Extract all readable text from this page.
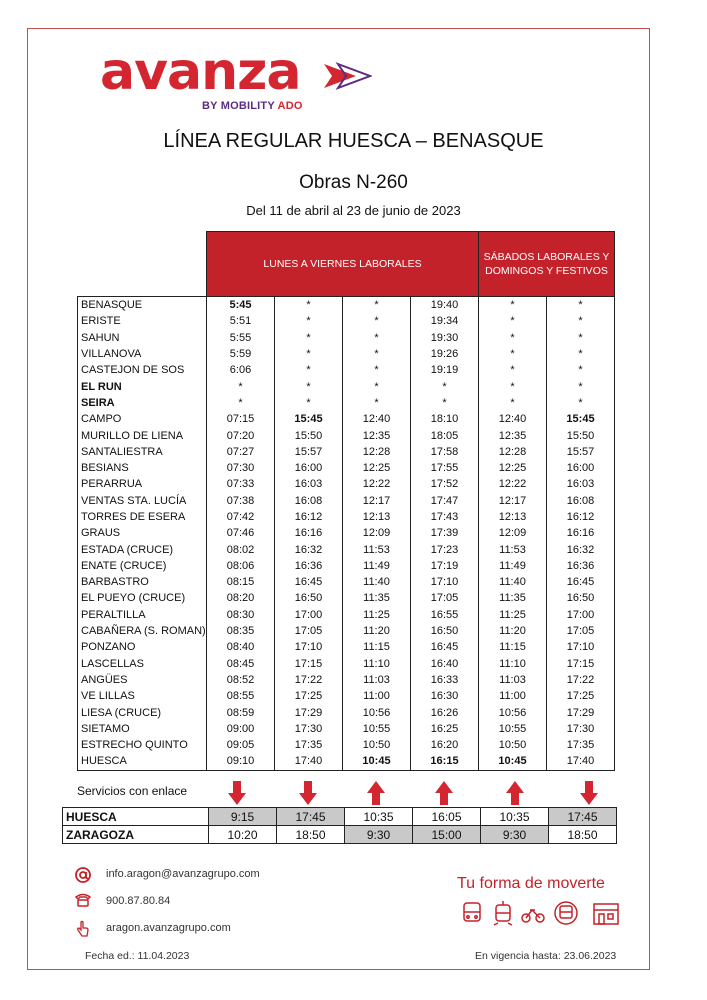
avanza
BY MOBILITY ADO
LÍNEA REGULAR HUESCA – BENASQUE
Obras N-260
Del 11 de abril al 23 de junio de 2023
	LUNES A VIERNES LABORALES				SÁBADOS LABORALES Y
DOMINGOS Y FESTIVOS	
BENASQUE	5:45	*	*	19:40	*	*
ERISTE	5:51	*	*	19:34	*	*
SAHUN	5:55	*	*	19:30	*	*
VILLANOVA	5:59	*	*	19:26	*	*
CASTEJON DE SOS	6:06	*	*	19:19	*	*
EL RUN	*	*	*	*	*	*
SEIRA	*	*	*	*	*	*
CAMPO	07:15	15:45	12:40	18:10	12:40	15:45
MURILLO DE LIENA	07:20	15:50	12:35	18:05	12:35	15:50
SANTALIESTRA	07:27	15:57	12:28	17:58	12:28	15:57
BESIANS	07:30	16:00	12:25	17:55	12:25	16:00
PERARRUA	07:33	16:03	12:22	17:52	12:22	16:03
VENTAS STA. LUCÍA	07:38	16:08	12:17	17:47	12:17	16:08
TORRES DE ESERA	07:42	16:12	12:13	17:43	12:13	16:12
GRAUS	07:46	16:16	12:09	17:39	12:09	16:16
ESTADA (CRUCE)	08:02	16:32	11:53	17:23	11:53	16:32
ENATE (CRUCE)	08:06	16:36	11:49	17:19	11:49	16:36
BARBASTRO	08:15	16:45	11:40	17:10	11:40	16:45
EL PUEYO (CRUCE)	08:20	16:50	11:35	17:05	11:35	16:50
PERALTILLA	08:30	17:00	11:25	16:55	11:25	17:00
CABAÑERA (S. ROMAN)	08:35	17:05	11:20	16:50	11:20	17:05
PONZANO	08:40	17:10	11:15	16:45	11:15	17:10
LASCELLAS	08:45	17:15	11:10	16:40	11:10	17:15
ANGÜES	08:52	17:22	11:03	16:33	11:03	17:22
VE LILLAS	08:55	17:25	11:00	16:30	11:00	17:25
LIESA (CRUCE)	08:59	17:29	10:56	16:26	10:56	17:29
SIETAMO	09:00	17:30	10:55	16:25	10:55	17:30
ESTRECHO QUINTO	09:05	17:35	10:50	16:20	10:50	17:35
HUESCA	09:10	17:40	10:45	16:15	10:45	17:40
Servicios con enlace
HUESCA	9:15	17:45	10:35	16:05	10:35	17:45
ZARAGOZA	10:20	18:50	9:30	15:00	9:30	18:50
info.aragon@avanzagrupo.com
900.87.80.84
aragon.avanzagrupo.com
Tu forma de moverte
Fecha ed.: 11.04.2023	En vigencia hasta: 23.06.2023
